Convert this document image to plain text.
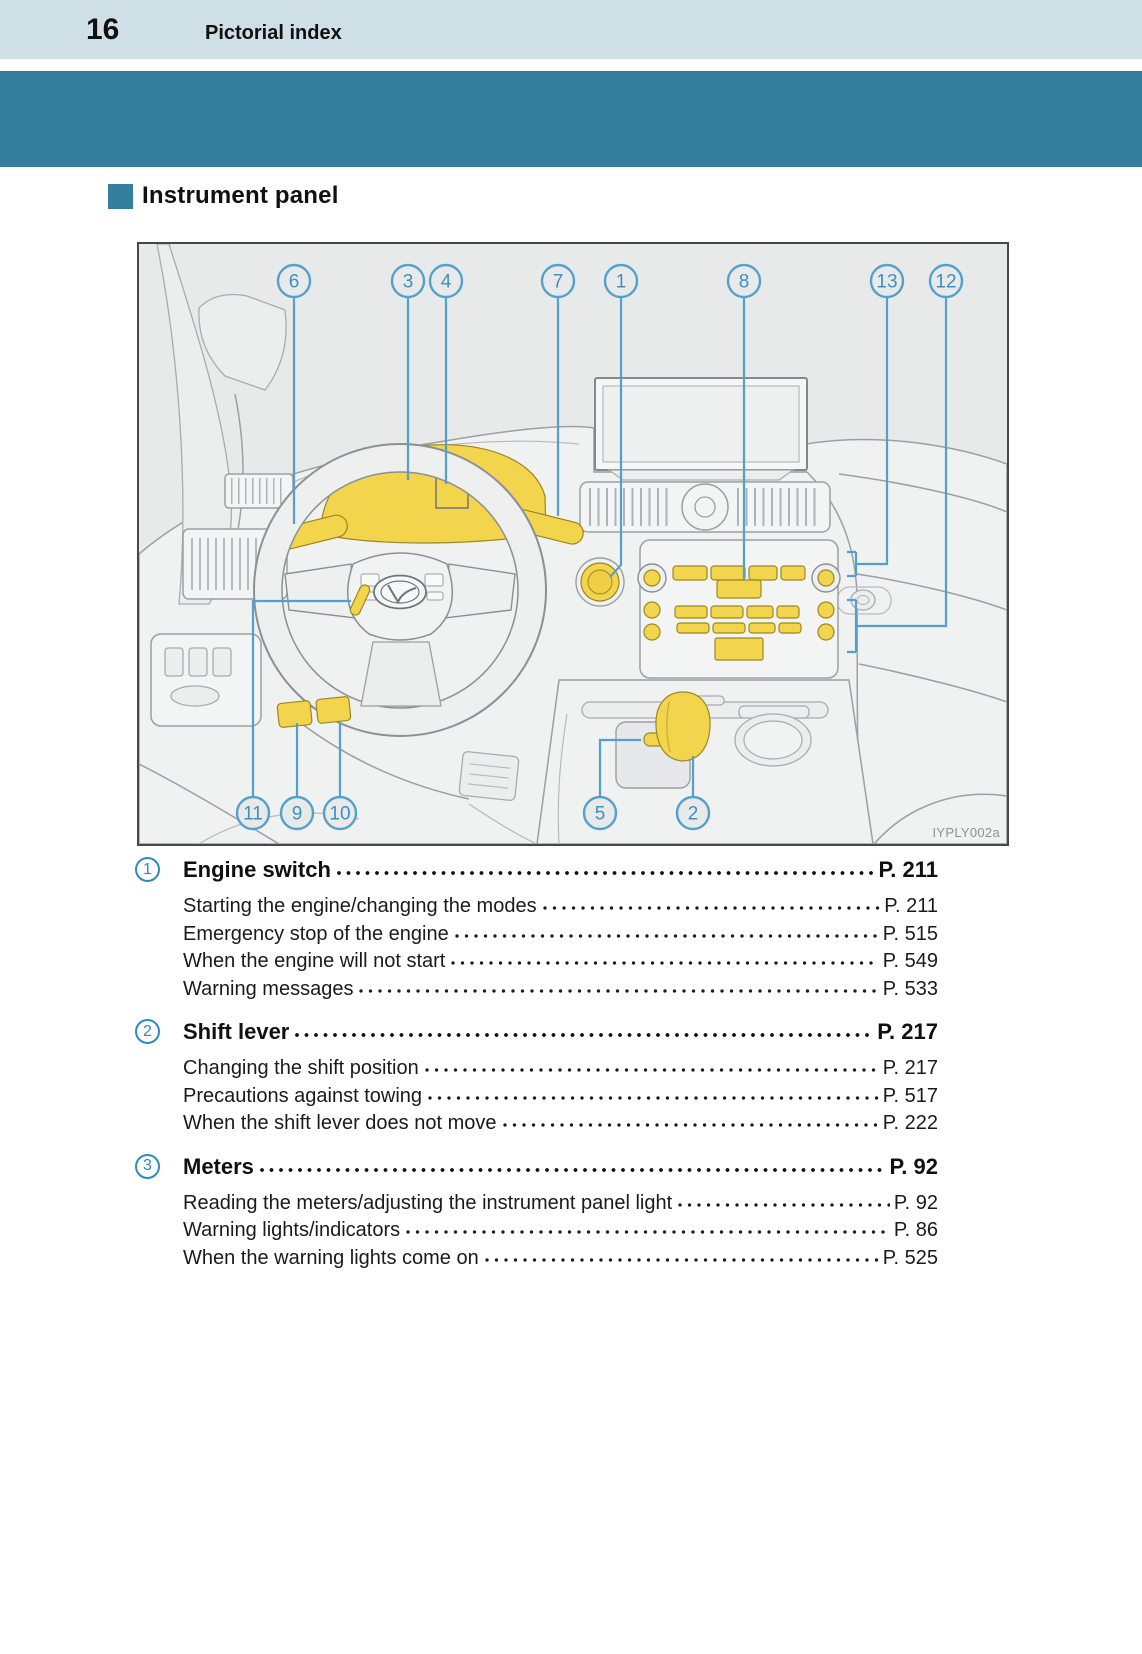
16	Pictorial index
Instrument panel
6	3 4	7	1	8	13 12
11 9 10	5	2
IYPLY002a
1	Engine switch	P. 211
Starting the engine/changing the modes	P. 211
Emergency stop of the engine	P. 515
When the engine will not start	P. 549
Warning messages	P. 533
2	Shift lever	P. 217
Changing the shift position	P. 217
Precautions against towing	P. 517
When the shift lever does not move	P. 222
3	Meters	P. 92
Reading the meters/adjusting the instrument panel light	P. 92
Warning lights/indicators	P. 86
When the warning lights come on	P. 525
